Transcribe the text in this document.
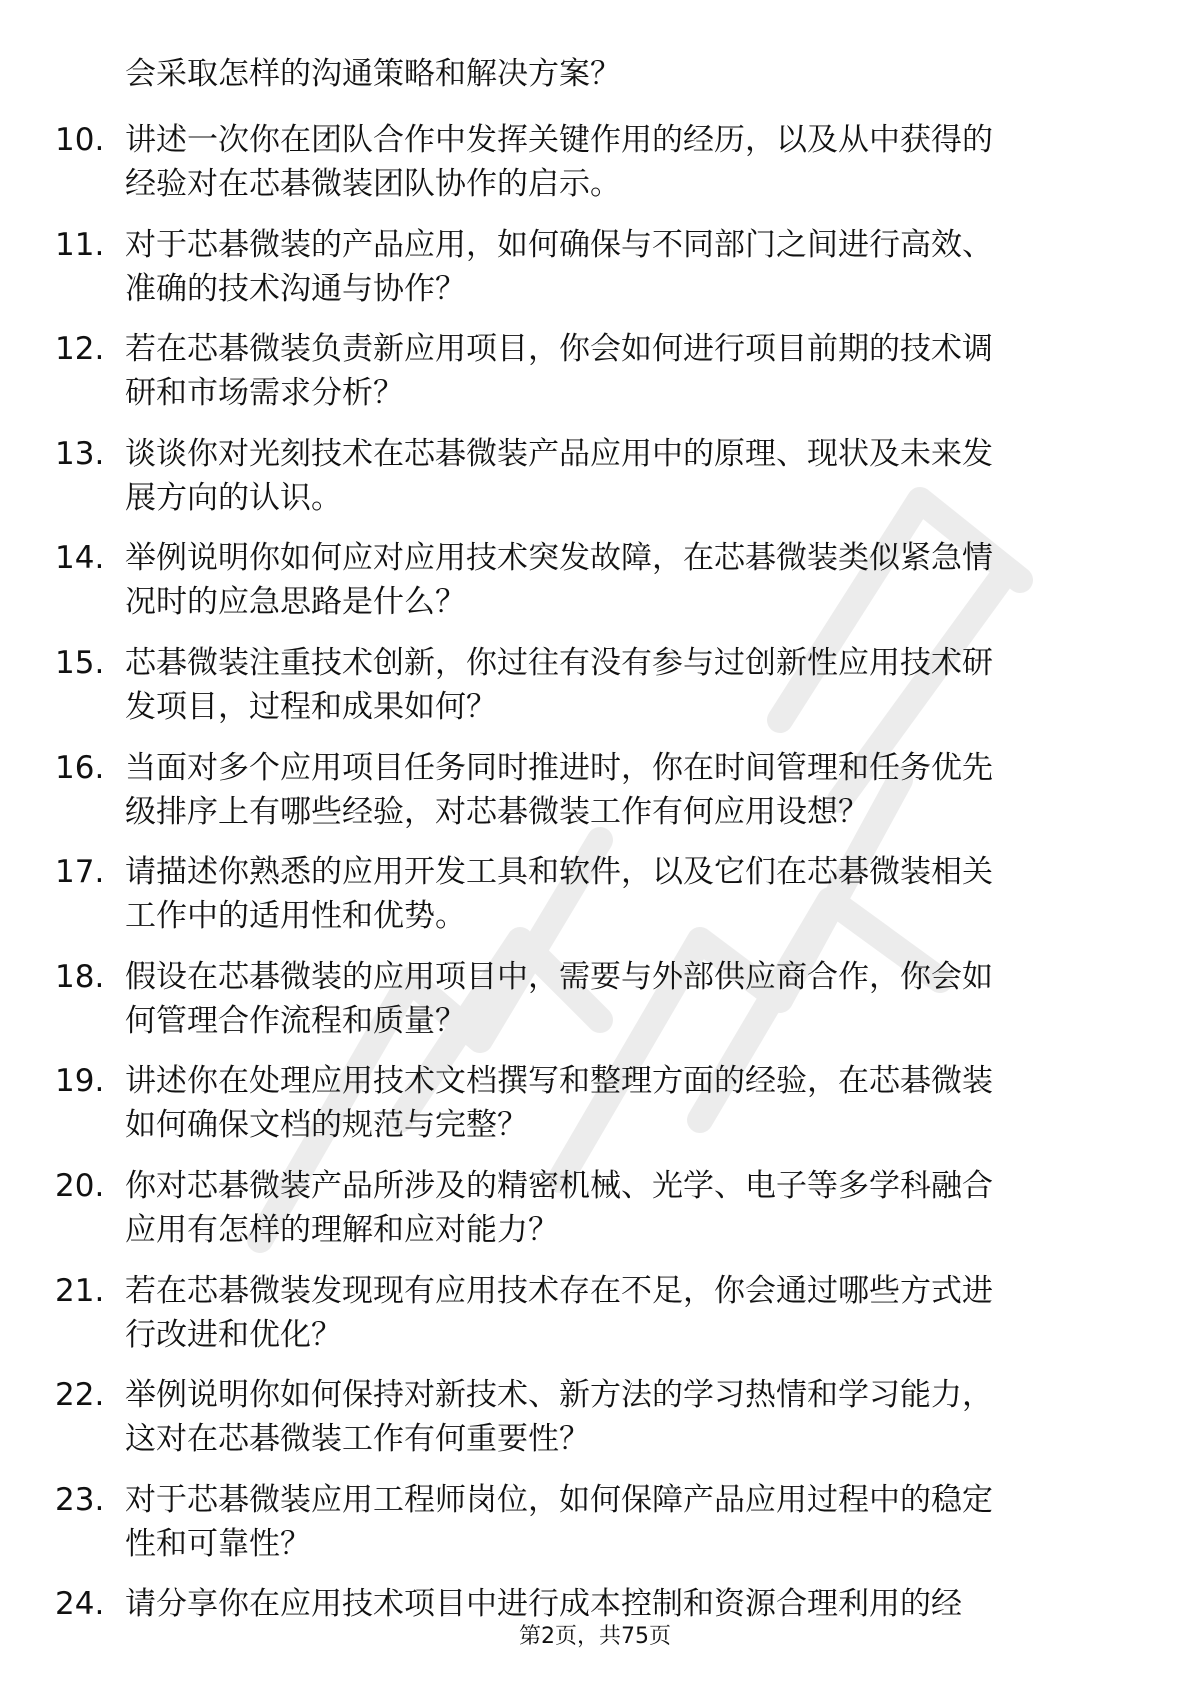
会采取怎样的沟通策略和解决方案？
10. 讲述一次你在团队合作中发挥关键作用的经历，以及从中获得的
经验对在芯碁微装团队协作的启示。
11. 对于芯碁微装的产品应用，如何确保与不同部门之间进行高效、
准确的技术沟通与协作？
12. 若在芯碁微装负责新应用项目，你会如何进行项目前期的技术调
研和市场需求分析？
13. 谈谈你对光刻技术在芯碁微装产品应用中的原理、现状及未来发
展方向的认识。
14. 举例说明你如何应对应用技术突发故障，在芯碁微装类似紧急情
况时的应急思路是什么？
15. 芯碁微装注重技术创新，你过往有没有参与过创新性应用技术研
发项目，过程和成果如何？
16. 当面对多个应用项目任务同时推进时，你在时间管理和任务优先
级排序上有哪些经验，对芯碁微装工作有何应用设想？
17. 请描述你熟悉的应用开发工具和软件，以及它们在芯碁微装相关
工作中的适用性和优势。
18. 假设在芯碁微装的应用项目中，需要与外部供应商合作，你会如
何管理合作流程和质量？
19. 讲述你在处理应用技术文档撰写和整理方面的经验，在芯碁微装
如何确保文档的规范与完整？
20. 你对芯碁微装产品所涉及的精密机械、光学、电子等多学科融合
应用有怎样的理解和应对能力？
21. 若在芯碁微装发现现有应用技术存在不足，你会通过哪些方式进
行改进和优化？
22. 举例说明你如何保持对新技术、新方法的学习热情和学习能力，
这对在芯碁微装工作有何重要性？
23. 对于芯碁微装应用工程师岗位，如何保障产品应用过程中的稳定
性和可靠性？
24. 请分享你在应用技术项目中进行成本控制和资源合理利用的经
第2页，共75页
